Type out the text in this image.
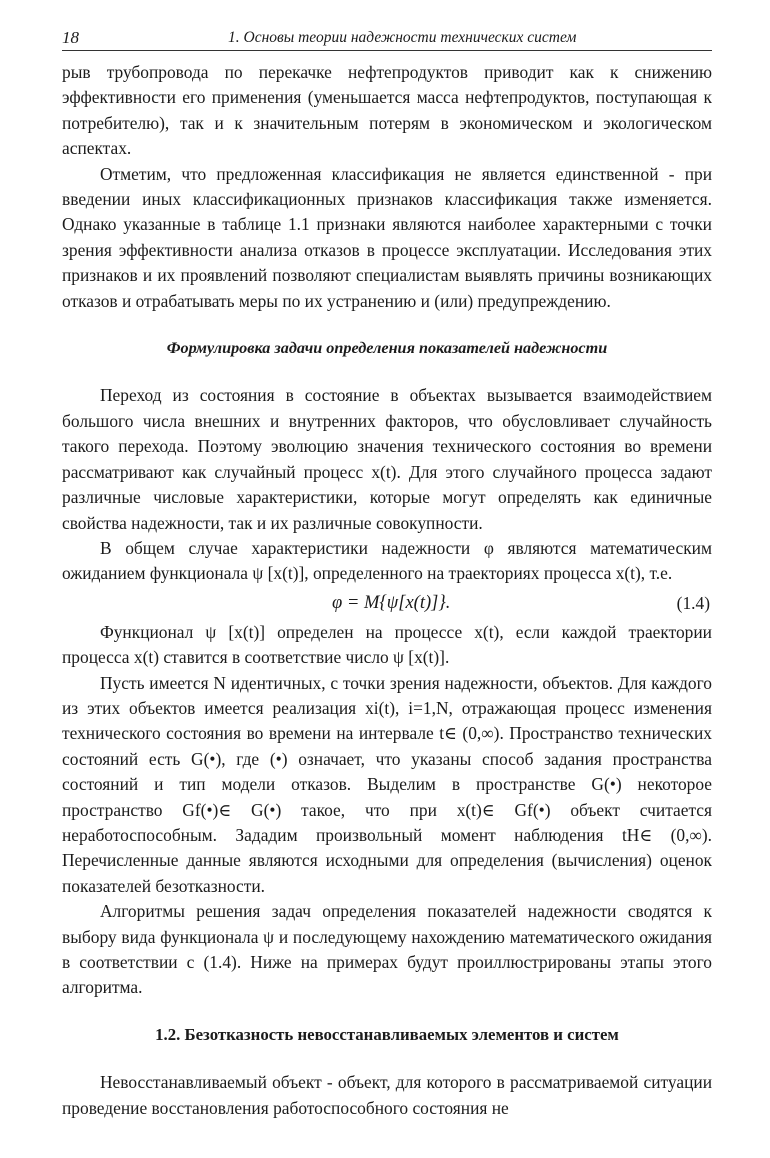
18	1. Основы теории надежности технических систем

рыв трубопровода по перекачке нефтепродуктов приводит как к снижению эффективности его применения (уменьшается масса нефтепродуктов, поступающая к потребителю), так и к значительным потерям в экономическом и экологическом аспектах.

Отметим, что предложенная классификация не является единственной - при введении иных классификационных признаков классификация также изменяется. Однако указанные в таблице 1.1 признаки являются наиболее характерными с точки зрения эффективности анализа отказов в процессе эксплуатации. Исследования этих признаков и их проявлений позволяют специалистам выявлять причины возникающих отказов и отрабатывать меры по их устранению и (или) предупреждению.

Формулировка задачи определения показателей надежности

Переход из состояния в состояние в объектах вызывается взаимодействием большого числа внешних и внутренних факторов, что обусловливает случайность такого перехода. Поэтому эволюцию значения технического состояния во времени рассматривают как случайный процесс x(t). Для этого случайного процесса задают различные числовые характеристики, которые могут определять как единичные свойства надежности, так и их различные совокупности.

В общем случае характеристики надежности φ являются математическим ожиданием функционала ψ [x(t)], определенного на траекториях процесса x(t), т.е.

φ = M{ψ[x(t)]}.	(1.4)

Функционал ψ [x(t)] определен на процессе x(t), если каждой траектории процесса x(t) ставится в соответствие число ψ [x(t)].

Пусть имеется N идентичных, с точки зрения надежности, объектов. Для каждого из этих объектов имеется реализация xi(t), i=1,N, отражающая процесс изменения технического состояния во времени на интервале t∈ (0,∞). Пространство технических состояний есть G(•), где (•) означает, что указаны способ задания пространства состояний и тип модели отказов. Выделим в пространстве G(•) некоторое пространство Gf(•)∈ G(•) такое, что при x(t)∈ Gf(•) объект считается неработоспособным. Зададим произвольный момент наблюдения tH∈ (0,∞). Перечисленные данные являются исходными для определения (вычисления) оценок показателей безотказности.

Алгоритмы решения задач определения показателей надежности сводятся к выбору вида функционала ψ и последующему нахождению математического ожидания в соответствии с (1.4). Ниже на примерах будут проиллюстрированы этапы этого алгоритма.

1.2. Безотказность невосстанавливаемых элементов и систем

Невосстанавливаемый объект - объект, для которого в рассматриваемой ситуации проведение восстановления работоспособного состояния не
